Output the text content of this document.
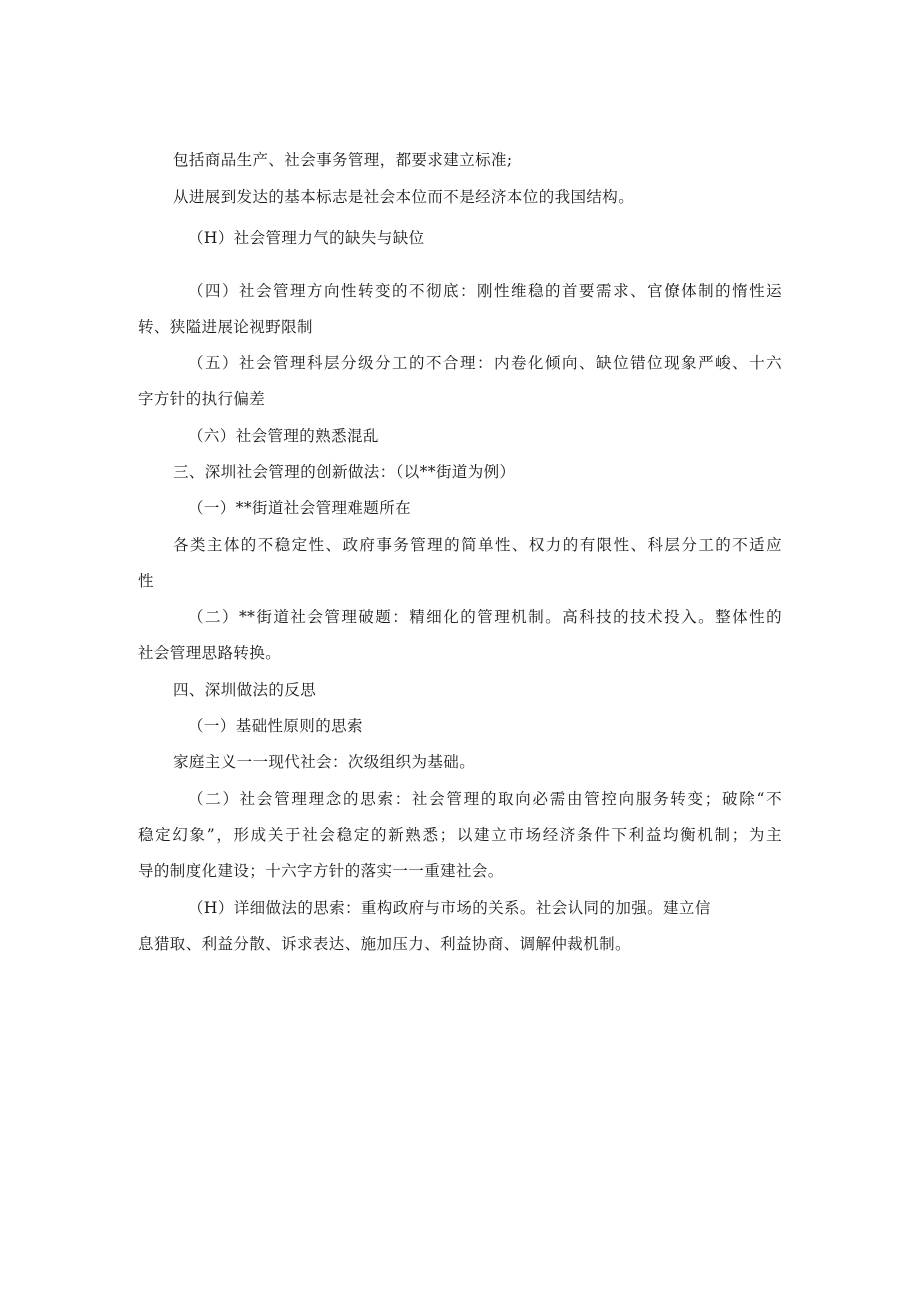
包括商品生产、社会事务管理，都要求建立标准;
从进展到发达的基本标志是社会本位而不是经济本位的我国结构。
（H）社会管理力气的缺失与缺位
（四）社会管理方向性转变的不彻底：刚性维稳的首要需求、官僚体制的惰性运
转、狭隘进展论视野限制
（五）社会管理科层分级分工的不合理：内卷化倾向、缺位错位现象严峻、十六
字方针的执行偏差
（六）社会管理的熟悉混乱
三、深圳社会管理的创新做法：（以**街道为例）
（一）**街道社会管理难题所在
各类主体的不稳定性、政府事务管理的简单性、权力的有限性、科层分工的不适应
性
（二）**街道社会管理破题：精细化的管理机制。高科技的技术投入。整体性的
社会管理思路转换。
四、深圳做法的反思
（一）基础性原则的思索
家庭主义一一现代社会：次级组织为基础。
（二）社会管理理念的思索：社会管理的取向必需由管控向服务转变；破除“不
稳定幻象”，形成关于社会稳定的新熟悉；以建立市场经济条件下利益均衡机制；为主
导的制度化建设；十六字方针的落实一一重建社会。
（H）详细做法的思索：重构政府与市场的关系。社会认同的加强。建立信
息猎取、利益分散、诉求表达、施加压力、利益协商、调解仲裁机制。
